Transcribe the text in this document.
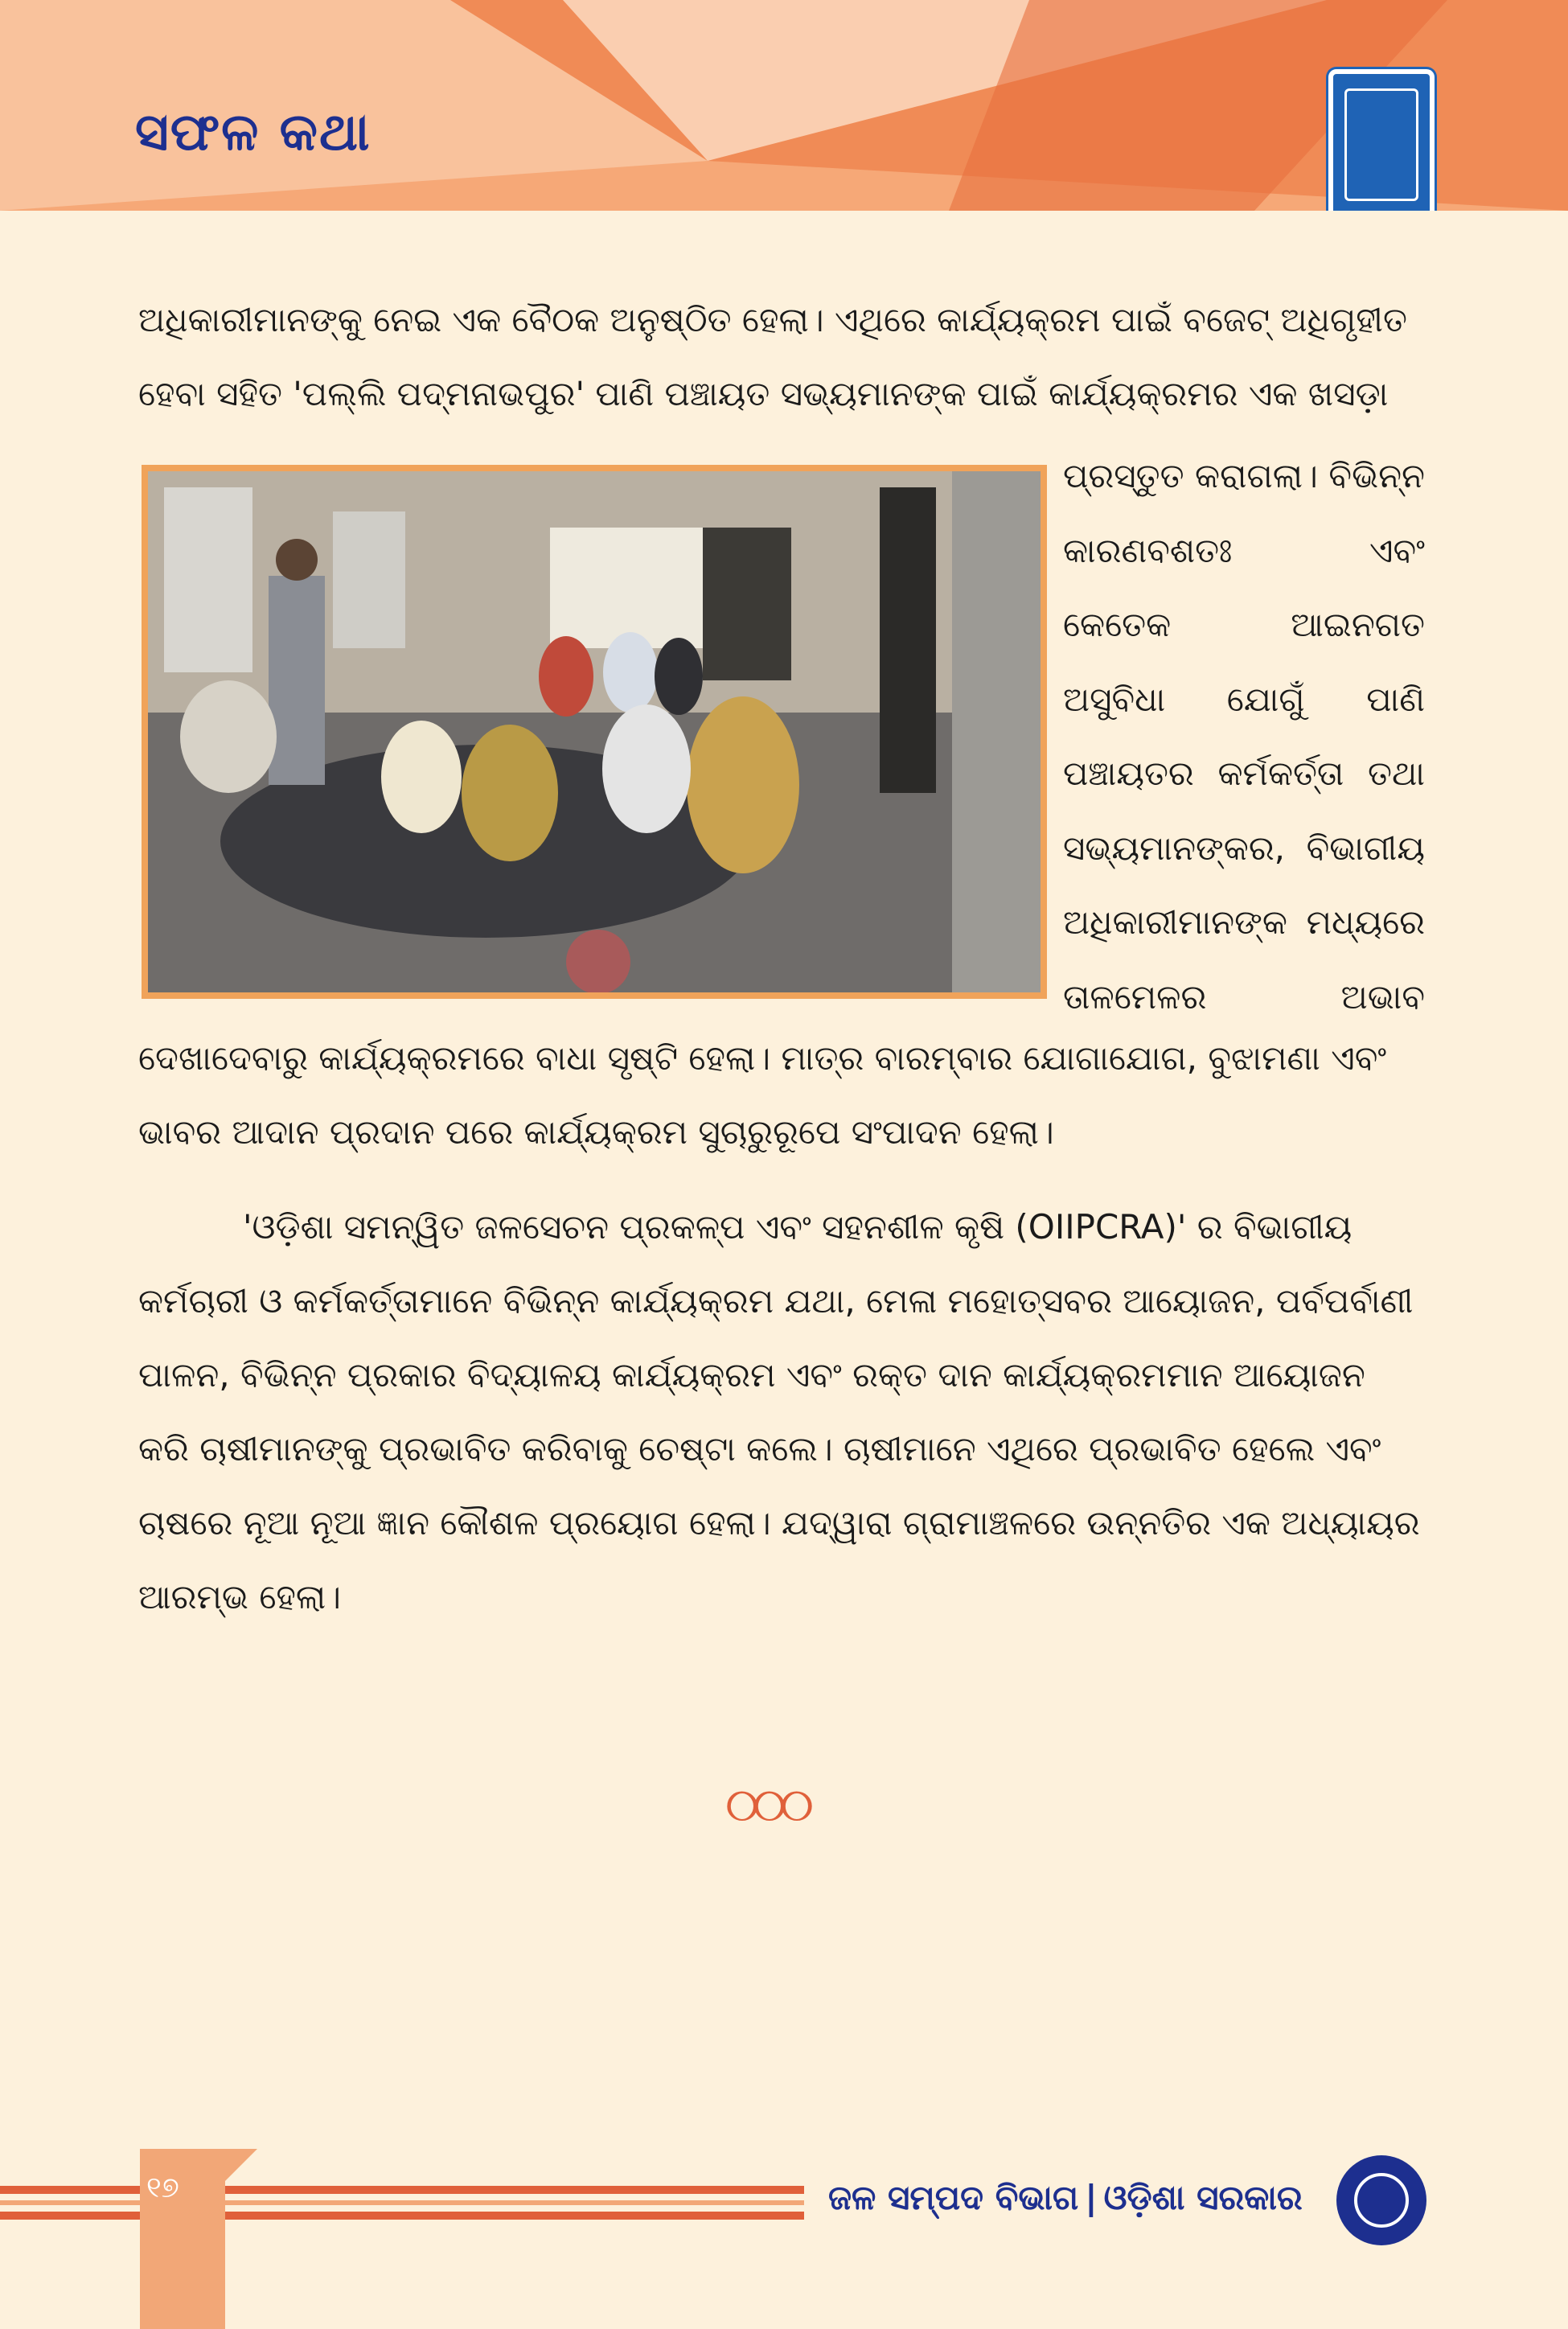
ସଫଳ କଥା
ଅଧିକାରୀମାନଙ୍କୁ ନେଇ ଏକ ବୈଠକ ଅନୁଷ୍ଠିତ ହେଲା। ଏଥିରେ କାର୍ଯ୍ୟକ୍ରମ ପାଇଁ ବଜେଟ୍ ଅଧିଗୃହୀତ
ହେବା ସହିତ 'ପଲ୍ଲି ପଦ୍ମନାଭପୁର' ପାଣି ପଞ୍ଚାୟତ ସଭ୍ୟମାନଙ୍କ ପାଇଁ କାର୍ଯ୍ୟକ୍ରମର ଏକ ଖସଡ଼ା
ପ୍ରସ୍ତୁତ କରାଗଲା। ବିଭିନ୍ନ
କାରଣବଶତଃ ଏବଂ
କେତେକ ଆଇନଗତ
ଅସୁବିଧା ଯୋଗୁଁ ପାଣି
ପଞ୍ଚାୟତର କର୍ମକର୍ତ୍ତା ତଥା
ସଭ୍ୟମାନଙ୍କର, ବିଭାଗୀୟ
ଅଧିକାରୀମାନଙ୍କ ମଧ୍ୟରେ
ତାଳମେଳର ଅଭାବ
ଦେଖାଦେବାରୁ କାର୍ଯ୍ୟକ୍ରମରେ ବାଧା ସୃଷ୍ଟି ହେଲା। ମାତ୍ର ବାରମ୍ବାର ଯୋଗାଯୋଗ, ବୁଝାମଣା ଏବଂ
ଭାବର ଆଦାନ ପ୍ରଦାନ ପରେ କାର୍ଯ୍ୟକ୍ରମ ସୁଚାରୁରୂପେ ସଂପାଦନ ହେଲା।

'ଓଡ଼ିଶା ସମନ୍ୱିତ ଜଳସେଚନ ପ୍ରକଳ୍ପ ଏବଂ ସହନଶୀଳ କୃଷି (OIIPCRA)' ର ବିଭାଗୀୟ କର୍ମଚାରୀ ଓ କର୍ମକର୍ତ୍ତାମାନେ ବିଭିନ୍ନ କାର୍ଯ୍ୟକ୍ରମ ଯଥା, ମେଳା ମହୋତ୍ସବର ଆୟୋଜନ, ପର୍ବପର୍ବାଣୀ ପାଳନ, ବିଭିନ୍ନ ପ୍ରକାର ବିଦ୍ୟାଳୟ କାର୍ଯ୍ୟକ୍ରମ ଏବଂ ରକ୍ତ ଦାନ କାର୍ଯ୍ୟକ୍ରମମାନ ଆୟୋଜନ କରି ଚାଷୀମାନଙ୍କୁ ପ୍ରଭାବିତ କରିବାକୁ ଚେଷ୍ଟା କଲେ। ଚାଷୀମାନେ ଏଥିରେ ପ୍ରଭାବିତ ହେଲେ ଏବଂ ଚାଷରେ ନୂଆ ନୂଆ ଜ୍ଞାନ କୌଶଳ ପ୍ରୟୋଗ ହେଲା। ଯଦ୍ୱାରା ଗ୍ରାମାଞ୍ଚଳରେ ଉନ୍ନତିର ଏକ ଅଧ୍ୟାୟର ଆରମ୍ଭ ହେଲା।

୦୦୦
୧୭	ଜଳ ସମ୍ପଦ ବିଭାଗ | ଓଡ଼ିଶା ସରକାର
